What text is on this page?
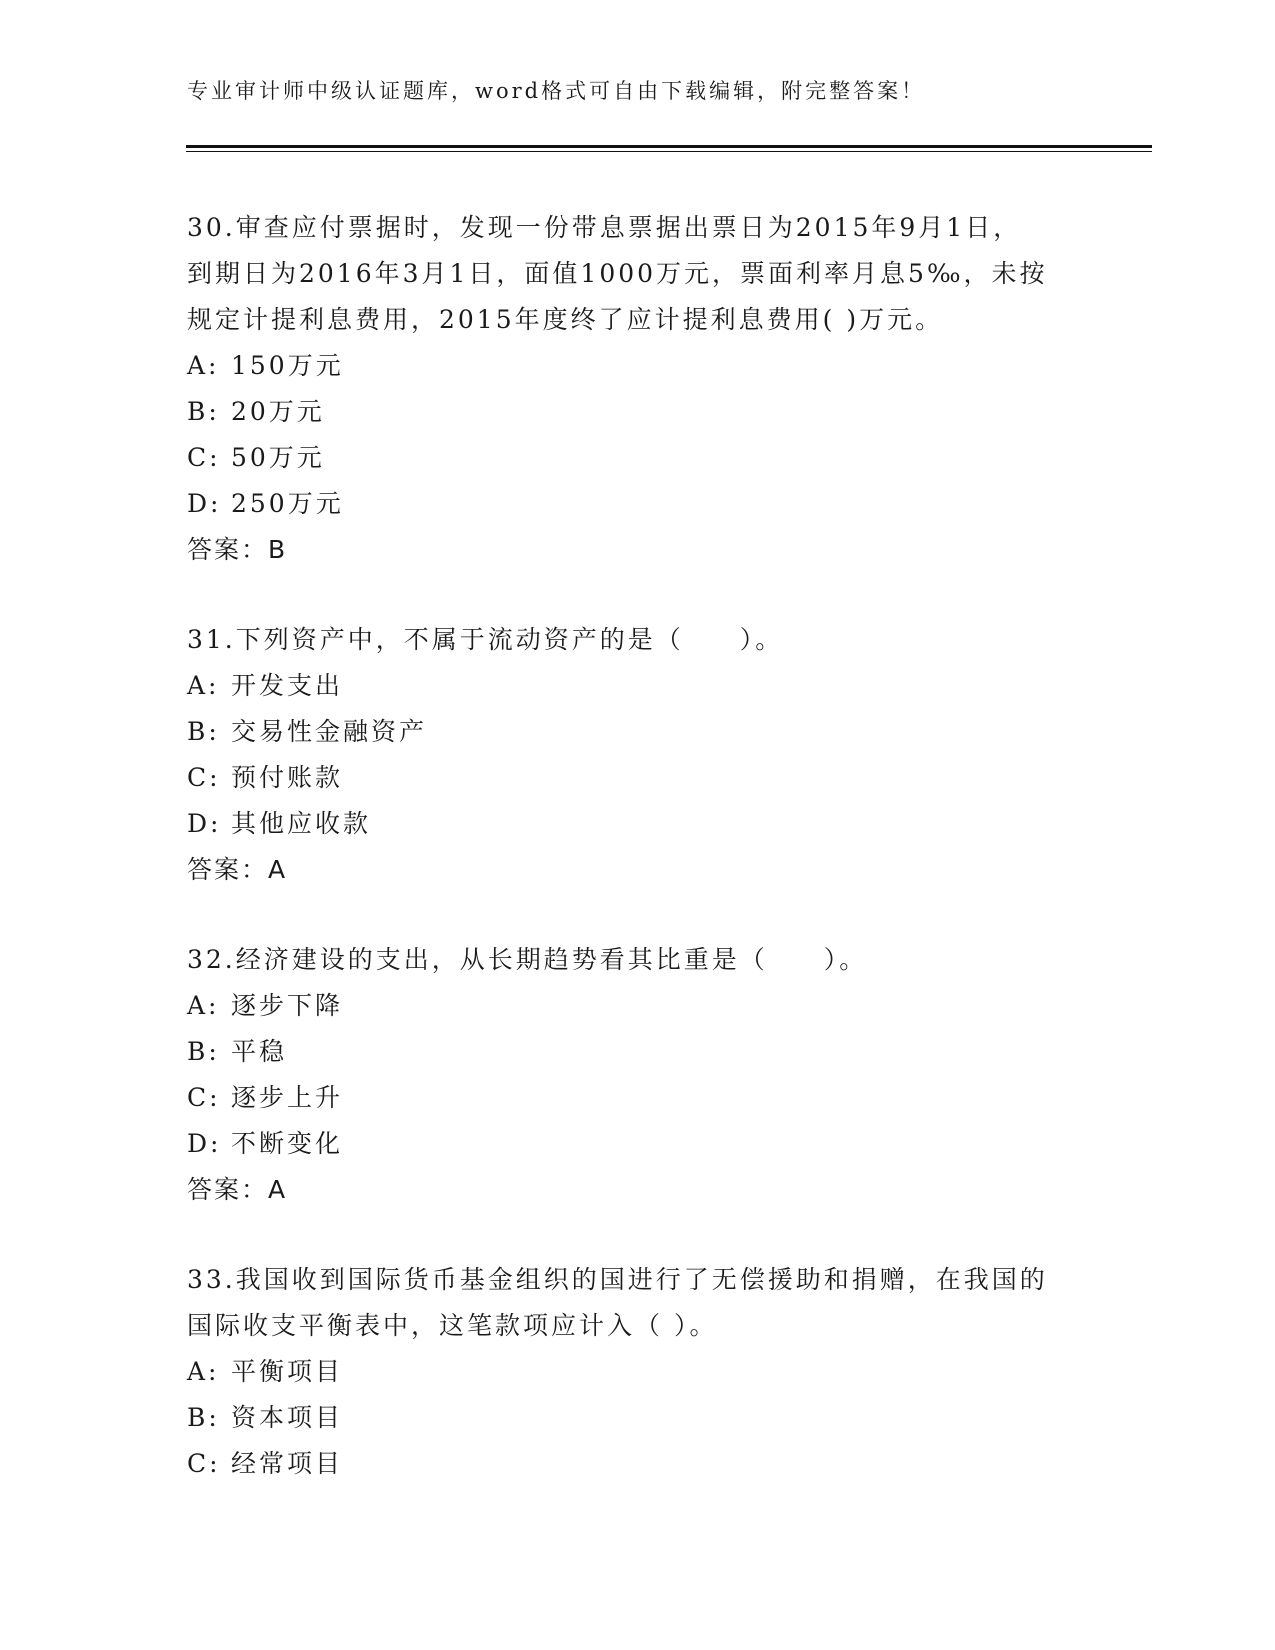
专业审计师中级认证题库，word格式可自由下载编辑，附完整答案！
30.审查应付票据时，发现一份带息票据出票日为2015年9月1日，
到期日为2016年3月1日，面值1000万元，票面利率月息5‰，未按
规定计提利息费用，2015年度终了应计提利息费用( )万元。
A: 150万元
B: 20万元
C: 50万元
D: 250万元
答案：B
31.下列资产中，不属于流动资产的是（　　）。
A: 开发支出
B: 交易性金融资产
C: 预付账款
D: 其他应收款
答案：A
32.经济建设的支出，从长期趋势看其比重是（　　）。
A: 逐步下降
B: 平稳
C: 逐步上升
D: 不断变化
答案：A
33.我国收到国际货币基金组织的国进行了无偿援助和捐赠，在我国的
国际收支平衡表中，这笔款项应计入（ ）。
A: 平衡项目
B: 资本项目
C: 经常项目
